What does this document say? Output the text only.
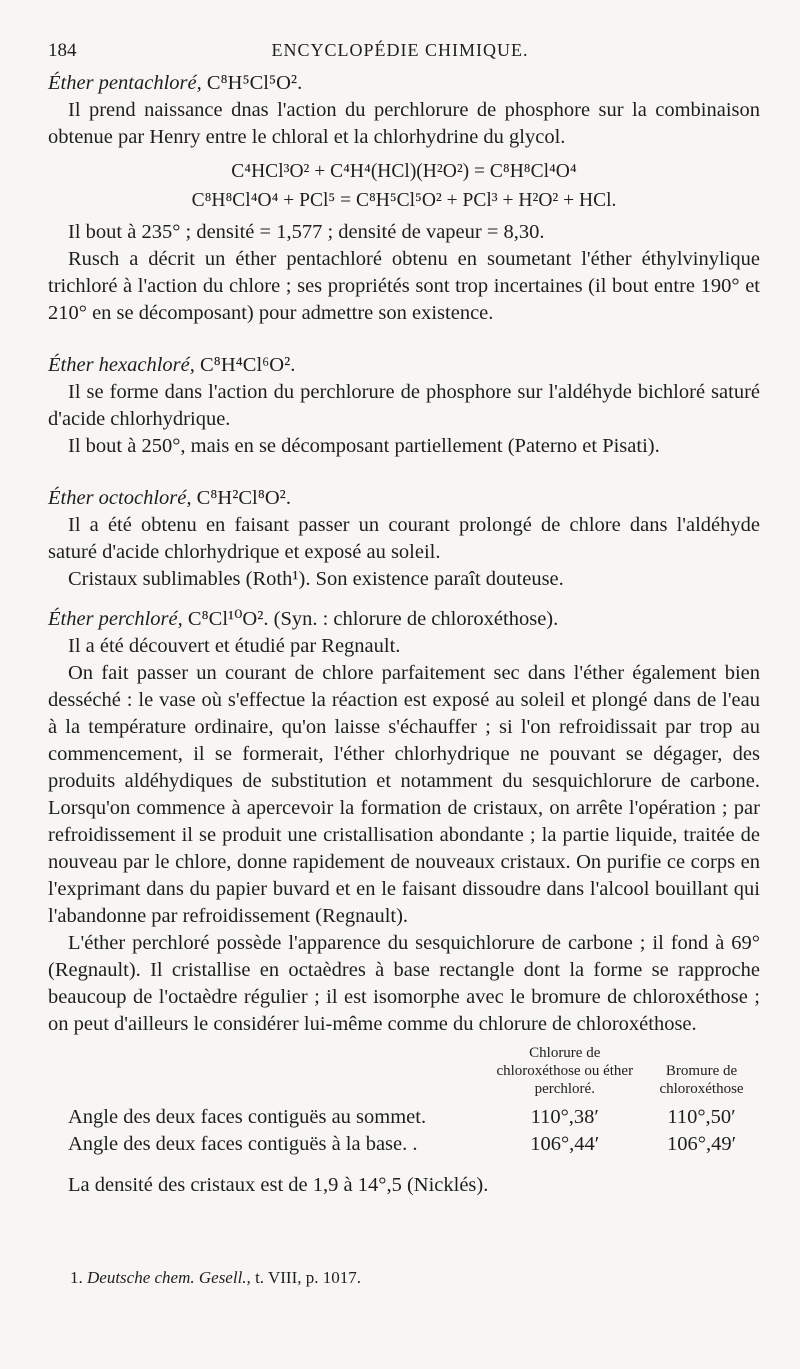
184	ENCYCLOPÉDIE CHIMIQUE.

Éther pentachloré, C⁸H⁵Cl⁵O².

Il prend naissance dnas l'action du perchlorure de phosphore sur la combinaison obtenue par Henry entre le chloral et la chlorhydrine du glycol.

C⁴HCl³O² + C⁴H⁴(HCl)(H²O²) = C⁸H⁸Cl⁴O⁴
C⁸H⁸Cl⁴O⁴ + PCl⁵ = C⁸H⁵Cl⁵O² + PCl³ + H²O² + HCl.

Il bout à 235° ; densité = 1,577 ; densité de vapeur = 8,30.

Rusch a décrit un éther pentachloré obtenu en soumetant l'éther éthylvinylique trichloré à l'action du chlore ; ses propriétés sont trop incertaines (il bout entre 190° et 210° en se décomposant) pour admettre son existence.

Éther hexachloré, C⁸H⁴Cl⁶O².

Il se forme dans l'action du perchlorure de phosphore sur l'aldéhyde bichloré saturé d'acide chlorhydrique.

Il bout à 250°, mais en se décomposant partiellement (Paterno et Pisati).

Éther octochloré, C⁸H²Cl⁸O².

Il a été obtenu en faisant passer un courant prolongé de chlore dans l'aldéhyde saturé d'acide chlorhydrique et exposé au soleil.

Cristaux sublimables (Roth¹). Son existence paraît douteuse.

Éther perchloré, C⁸Cl¹⁰O². (Syn. : chlorure de chloroxéthose).

Il a été découvert et étudié par Regnault.

On fait passer un courant de chlore parfaitement sec dans l'éther également bien desséché : le vase où s'effectue la réaction est exposé au soleil et plongé dans de l'eau à la température ordinaire, qu'on laisse s'échauffer ; si l'on refroidissait par trop au commencement, il se formerait, l'éther chlorhydrique ne pouvant se dégager, des produits aldéhydiques de substitution et notamment du sesquichlorure de carbone. Lorsqu'on commence à apercevoir la formation de cristaux, on arrête l'opération ; par refroidissement il se produit une cristallisation abondante ; la partie liquide, traitée de nouveau par le chlore, donne rapidement de nouveaux cristaux. On purifie ce corps en l'exprimant dans du papier buvard et en le faisant dissoudre dans l'alcool bouillant qui l'abandonne par refroidissement (Regnault).

L'éther perchloré possède l'apparence du sesquichlorure de carbone ; il fond à 69° (Regnault). Il cristallise en octaèdres à base rectangle dont la forme se rapproche beaucoup de l'octaèdre régulier ; il est isomorphe avec le bromure de chloroxéthose ; on peut d'ailleurs le considérer lui-même comme du chlorure de chloroxéthose.

	Chlorure de chloroxéthose ou éther perchloré.	Bromure de chloroxéthose
Angle des deux faces contiguës au sommet.	110°,38′	110°,50′
Angle des deux faces contiguës à la base. .	106°,44′	106°,49′

La densité des cristaux est de 1,9 à 14°,5 (Nicklés).

1. Deutsche chem. Gesell., t. VIII, p. 1017.
